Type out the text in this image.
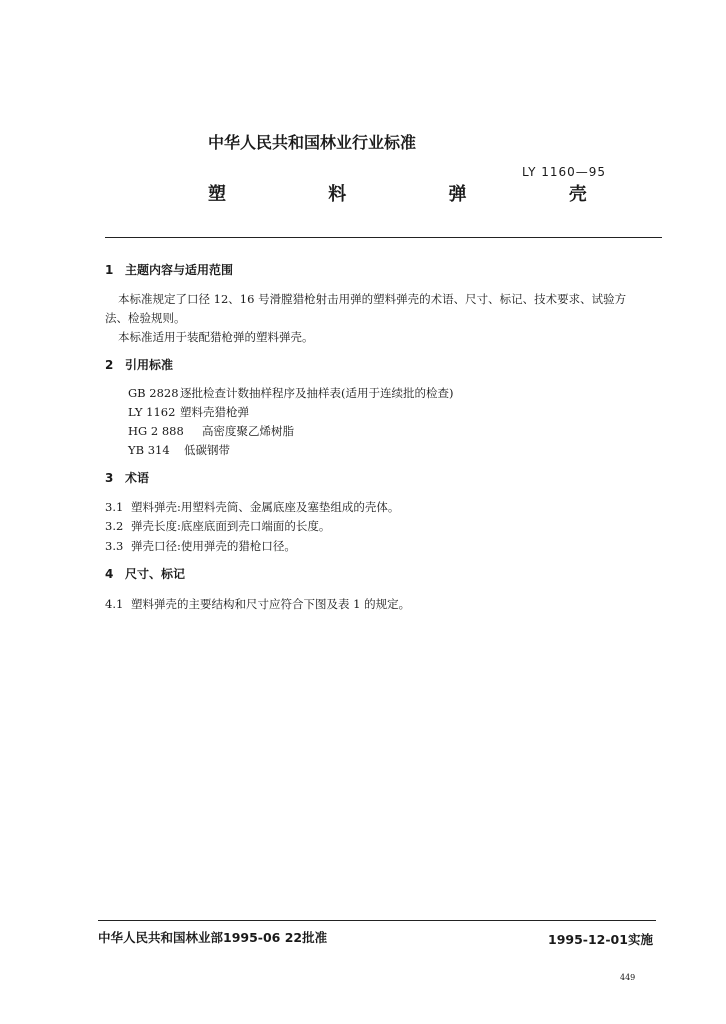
中华人民共和国林业行业标准
LY 1160—95
塑 料 弹 壳
1 主题内容与适用范围
本标准规定了口径 12、16 号滑膛猎枪射击用弹的塑料弹壳的术语、尺寸、标记、技术要求、试验方
法、检验规则。
本标准适用于装配猎枪弹的塑料弹壳。
2 引用标准
GB 2828逐批检查计数抽样程序及抽样表(适用于连续批的检查)
LY 1162 塑料壳猎枪弹
HG 2 888 高密度聚乙烯树脂
YB 314 低碳钢带
3 术语
3.1 塑料弹壳:用塑料壳筒、金属底座及塞垫组成的壳体。
3.2 弹壳长度:底座底面到壳口端面的长度。
3.3 弹壳口径:使用弹壳的猎枪口径。
4 尺寸、标记
4.1 塑料弹壳的主要结构和尺寸应符合下图及表 1 的规定。
中华人民共和国林业部1995-06 22批准	1995-12-01实施
449
